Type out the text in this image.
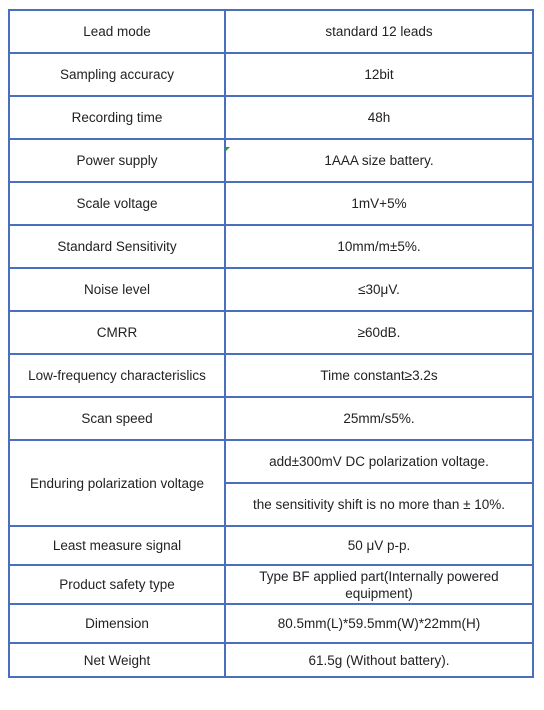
Lead mode	standard 12 leads
Sampling accuracy	12bit
Recording time	48h
Power supply	1AAA size battery.
Scale voltage	1mV+5%
Standard Sensitivity	10mm/m±5%.
Noise level	≤30μV.
CMRR	≥60dB.
Low-frequency characterislics	Time constant≥3.2s
Scan speed	25mm/s5%.
Enduring polarization voltage	add±300mV DC polarization voltage.
	the sensitivity shift is no more than ± 10%.
Least measure signal	50 μV p-p.
Product safety type	Type BF applied part(Internally powered equipment)
Dimension	80.5mm(L)*59.5mm(W)*22mm(H)
Net Weight	61.5g (Without battery).
